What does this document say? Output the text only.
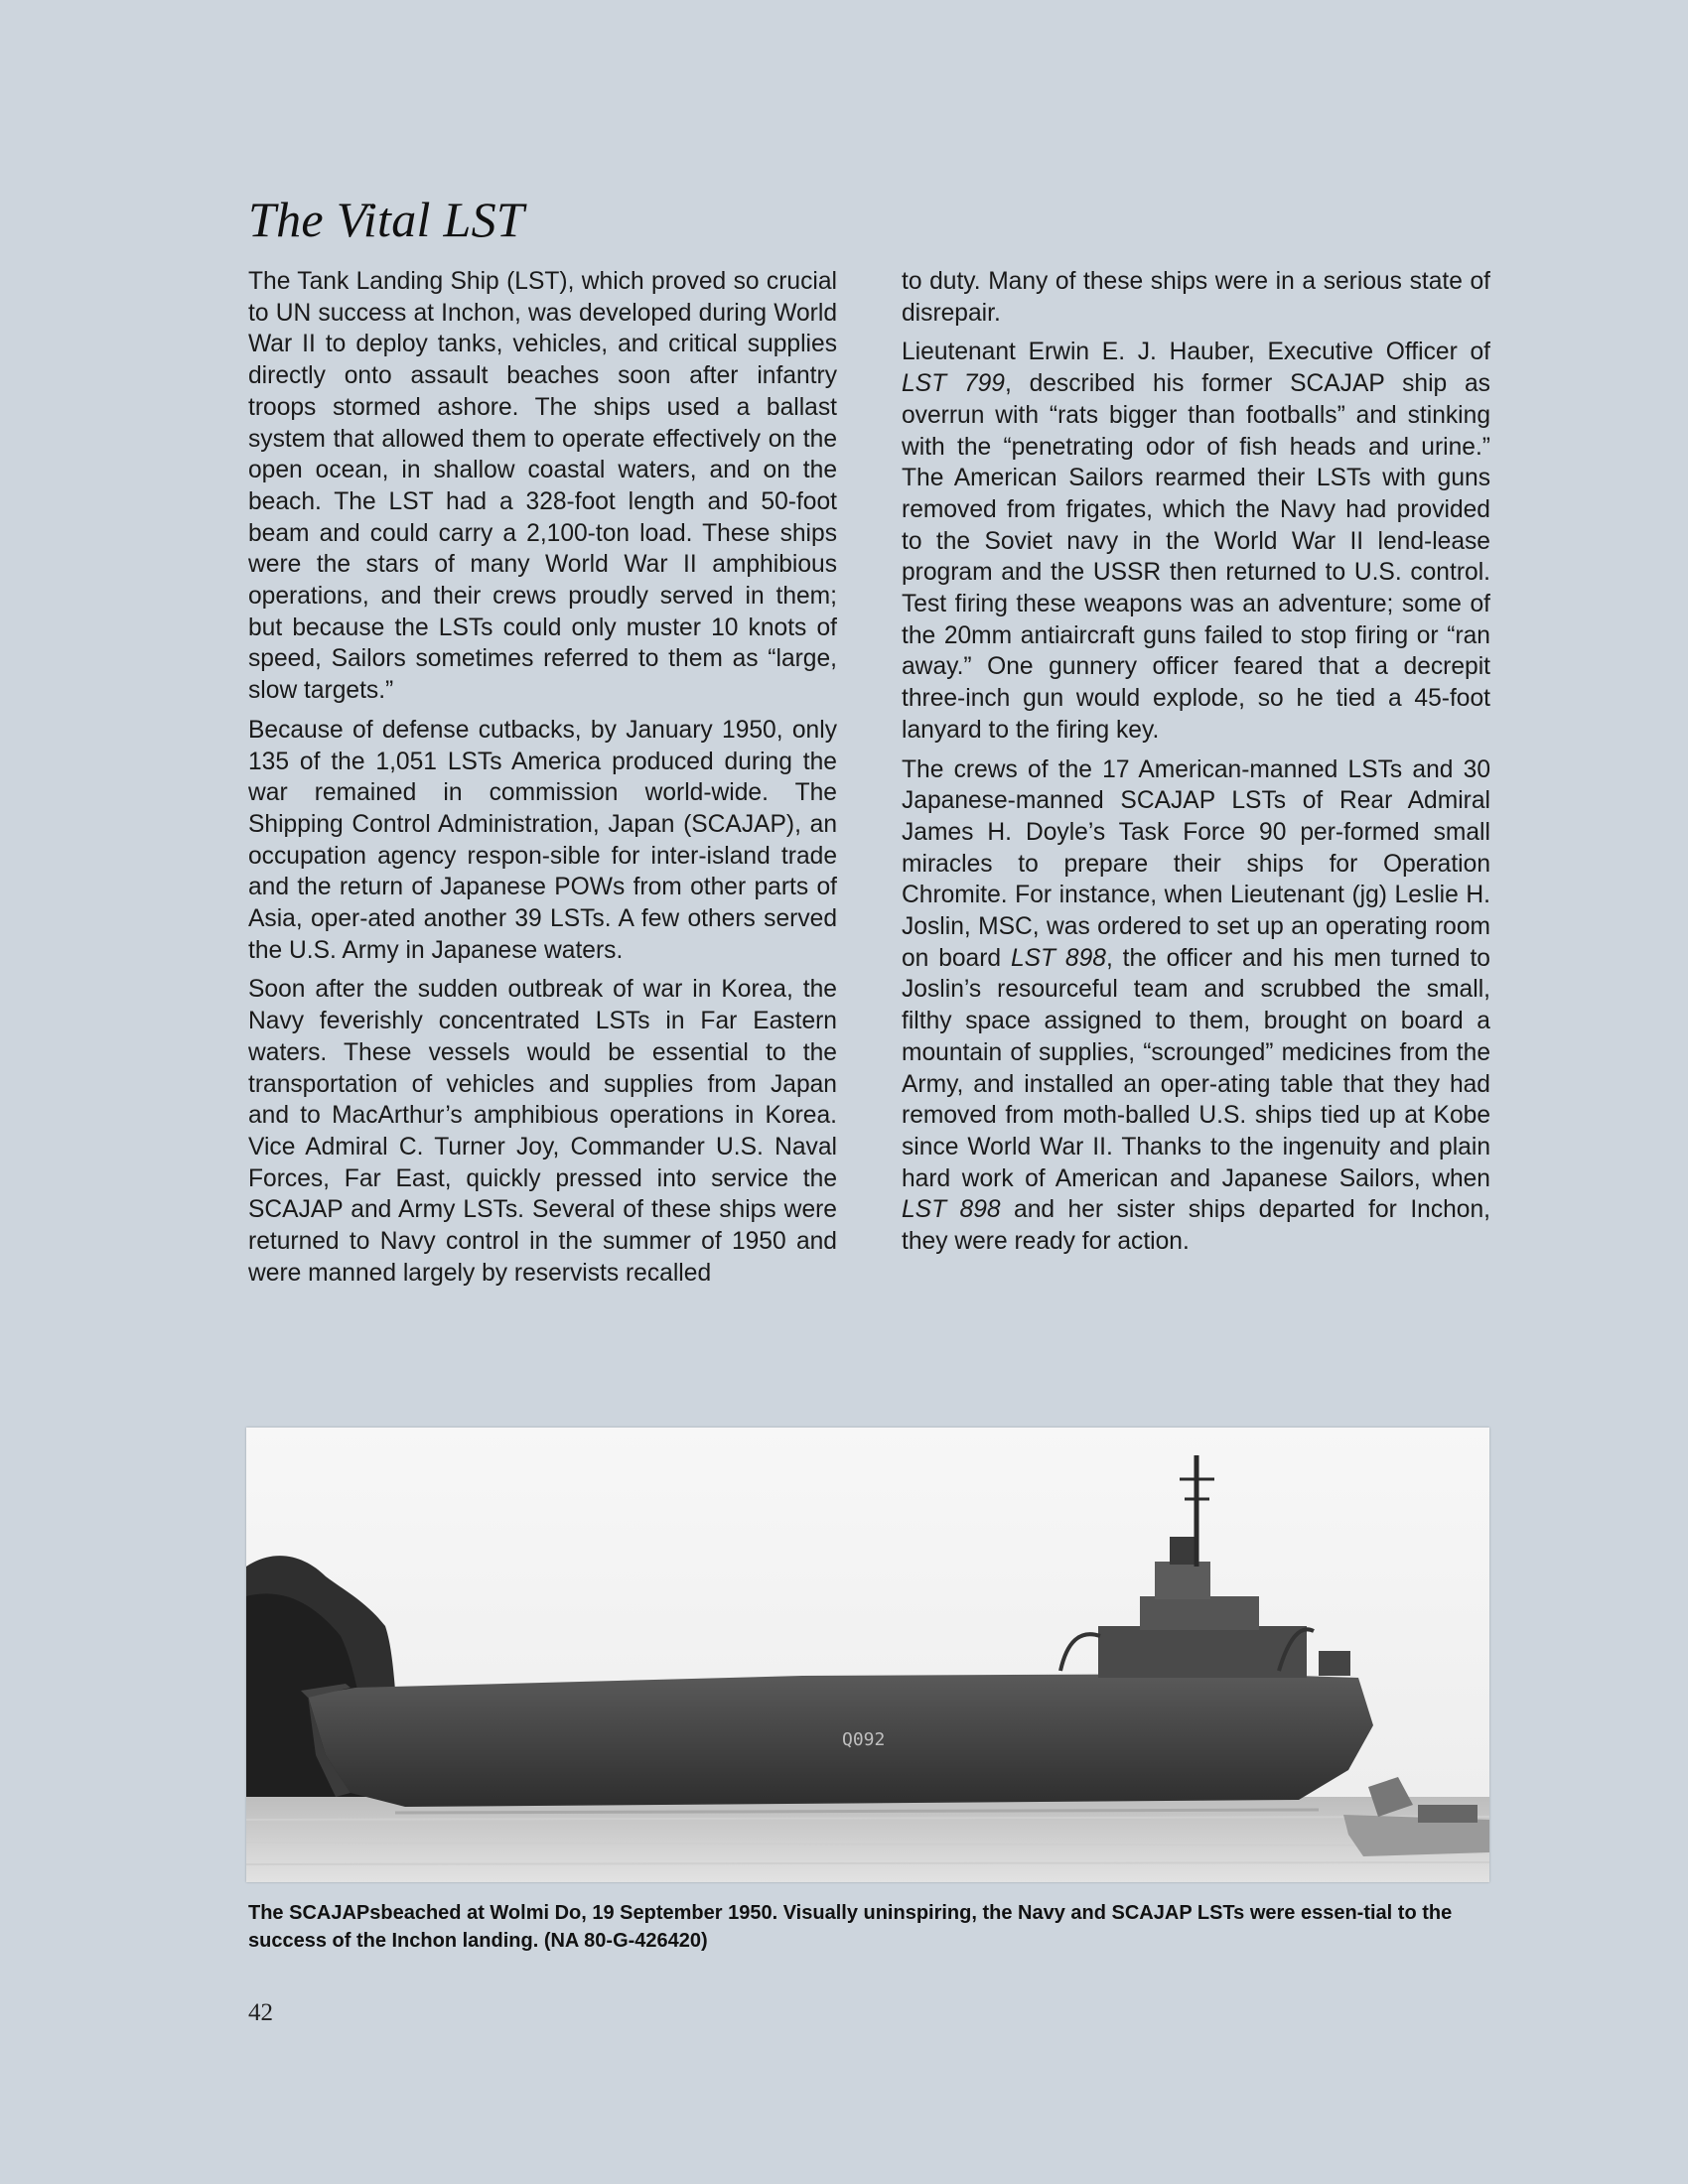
The Vital LST

The Tank Landing Ship (LST), which proved so crucial to UN success at Inchon, was developed during World War II to deploy tanks, vehicles, and critical supplies directly onto assault beaches soon after infantry troops stormed ashore. The ships used a ballast system that allowed them to operate effectively on the open ocean, in shallow coastal waters, and on the beach. The LST had a 328-foot length and 50-foot beam and could carry a 2,100-ton load. These ships were the stars of many World War II amphibious operations, and their crews proudly served in them; but because the LSTs could only muster 10 knots of speed, Sailors sometimes referred to them as “large, slow targets.”

Because of defense cutbacks, by January 1950, only 135 of the 1,051 LSTs America produced during the war remained in commission world-wide. The Shipping Control Administration, Japan (SCAJAP), an occupation agency respon-sible for inter-island trade and the return of Japanese POWs from other parts of Asia, oper-ated another 39 LSTs. A few others served the U.S. Army in Japanese waters.

Soon after the sudden outbreak of war in Korea, the Navy feverishly concentrated LSTs in Far Eastern waters. These vessels would be essential to the transportation of vehicles and supplies from Japan and to MacArthur’s amphibious operations in Korea. Vice Admiral C. Turner Joy, Commander U.S. Naval Forces, Far East, quickly pressed into service the SCAJAP and Army LSTs. Several of these ships were returned to Navy control in the summer of 1950 and were manned largely by reservists recalled

to duty. Many of these ships were in a serious state of disrepair.

Lieutenant Erwin E. J. Hauber, Executive Officer of LST 799, described his former SCAJAP ship as overrun with “rats bigger than footballs” and stinking with the “penetrating odor of fish heads and urine.” The American Sailors rearmed their LSTs with guns removed from frigates, which the Navy had provided to the Soviet navy in the World War II lend-lease program and the USSR then returned to U.S. control. Test firing these weapons was an adventure; some of the 20mm antiaircraft guns failed to stop firing or “ran away.” One gunnery officer feared that a decrepit three-inch gun would explode, so he tied a 45-foot lanyard to the firing key.

The crews of the 17 American-manned LSTs and 30 Japanese-manned SCAJAP LSTs of Rear Admiral James H. Doyle’s Task Force 90 per-formed small miracles to prepare their ships for Operation Chromite. For instance, when Lieutenant (jg) Leslie H. Joslin, MSC, was ordered to set up an operating room on board LST 898, the officer and his men turned to Joslin’s resourceful team and scrubbed the small, filthy space assigned to them, brought on board a mountain of supplies, “scrounged” medicines from the Army, and installed an oper-ating table that they had removed from moth-balled U.S. ships tied up at Kobe since World War II. Thanks to the ingenuity and plain hard work of American and Japanese Sailors, when LST 898 and her sister ships departed for Inchon, they were ready for action.

Q092

The SCAJAPsbeached at Wolmi Do, 19 September 1950. Visually uninspiring, the Navy and SCAJAP LSTs were essen-tial to the success of the Inchon landing. (NA 80-G-426420)

42
